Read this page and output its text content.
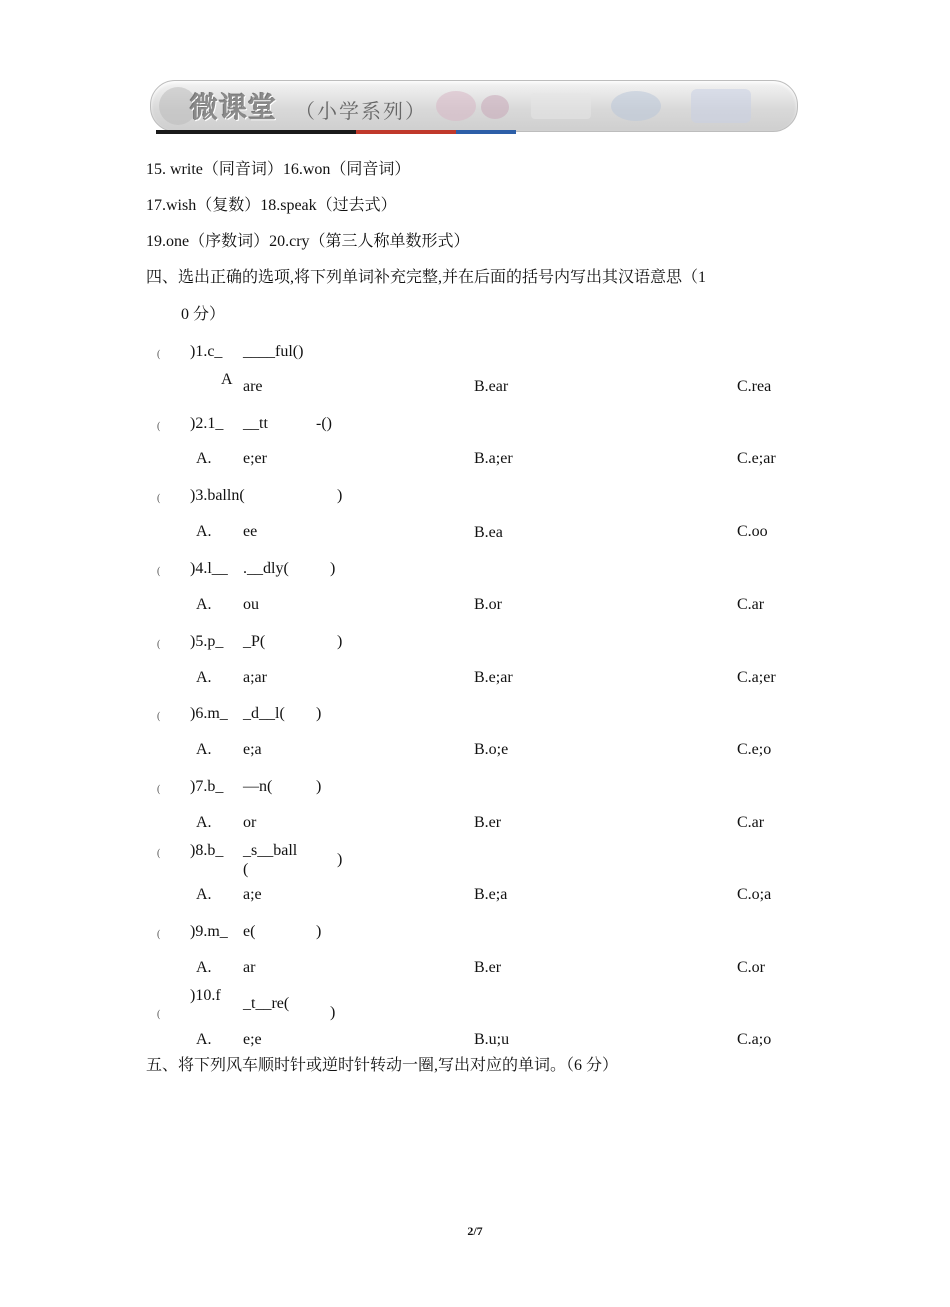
微课堂 （小学系列）
15. write（同音词）16.won（同音词）
17.wish（复数）18.speak（过去式）
19.one（序数词）20.cry（第三人称单数形式）
四、选出正确的选项,将下列单词补充完整,并在后面的括号内写出其汉语意思（1
0 分）
( )1.c_ ____ful()
A are	B.ear	C.rea
( )2.1_ __tt	-()
A. e;er	B.a;er	C.e;ar
( )3.balln(	)
A. ee	B.ea	C.oo
( )4.l__ .__dly(	)
A. ou	B.or	C.ar
( )5.p_ _P(	)
A. a;ar	B.e;ar	C.a;er
( )6.m_ _d__l( )
A. e;a	B.o;e	C.e;o
( )7.b_ —n(	)
A. or	B.er	C.ar
( )8.b_ _s__ball
(
)
A. a;e	B.e;a	C.o;a
( )9.m_ e(	)
A. ar	B.er	C.or
(
)10.f _t__re(
)
A. e;e	B.u;u	C.a;o
五、将下列风车顺时针或逆时针转动一圈,写出对应的单词。（6 分）
2/7
